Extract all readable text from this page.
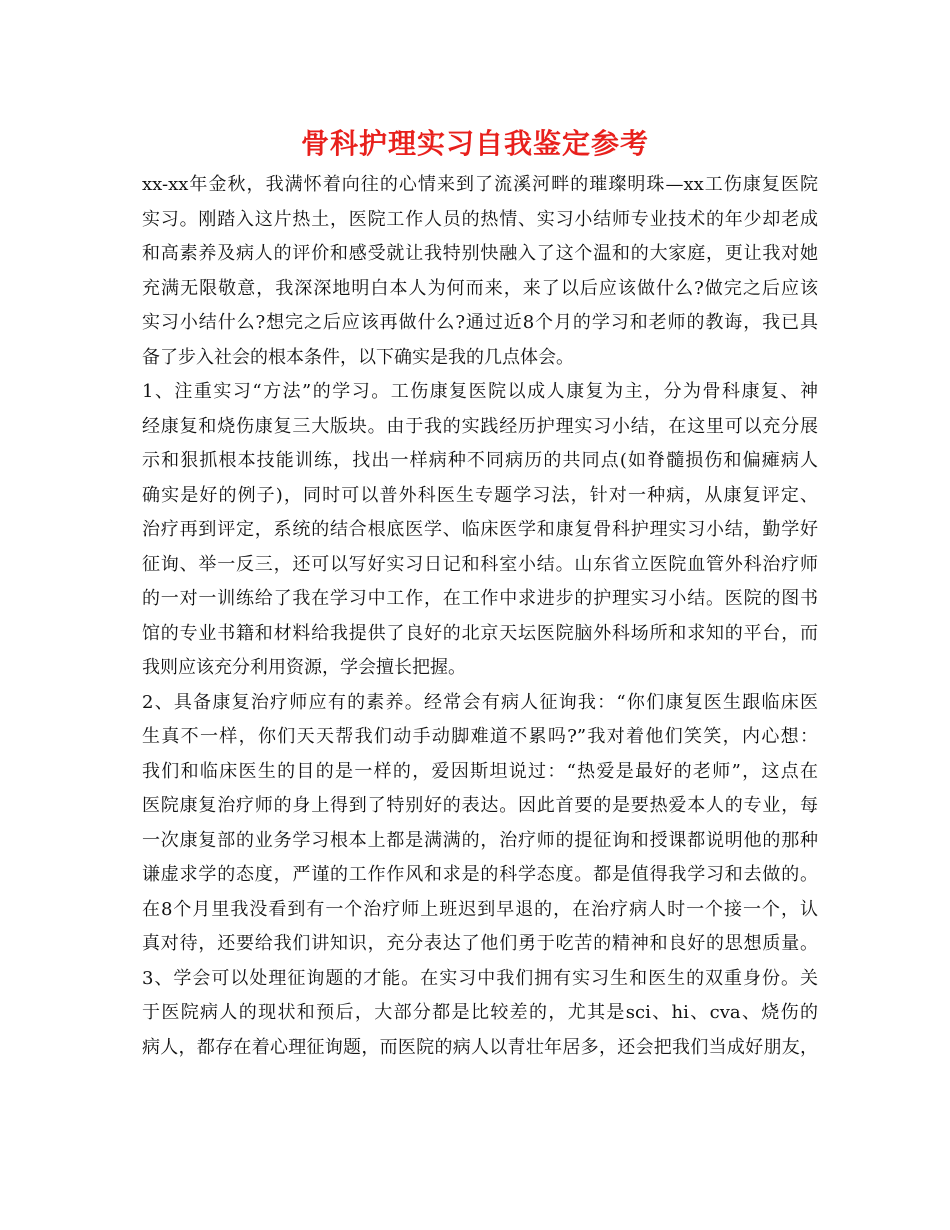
骨科护理实习自我鉴定参考
xx-xx年金秋，我满怀着向往的心情来到了流溪河畔的璀璨明珠—xx工伤康复医院
实习。刚踏入这片热土，医院工作人员的热情、实习小结师专业技术的年少却老成
和高素养及病人的评价和感受就让我特别快融入了这个温和的大家庭，更让我对她
充满无限敬意，我深深地明白本人为何而来，来了以后应该做什么?做完之后应该
实习小结什么?想完之后应该再做什么?通过近8个月的学习和老师的教诲，我已具
备了步入社会的根本条件，以下确实是我的几点体会。
1、注重实习“方法”的学习。工伤康复医院以成人康复为主，分为骨科康复、神
经康复和烧伤康复三大版块。由于我的实践经历护理实习小结，在这里可以充分展
示和狠抓根本技能训练，找出一样病种不同病历的共同点(如脊髓损伤和偏瘫病人
确实是好的例子)，同时可以普外科医生专题学习法，针对一种病，从康复评定、
治疗再到评定，系统的结合根底医学、临床医学和康复骨科护理实习小结，勤学好
征询、举一反三，还可以写好实习日记和科室小结。山东省立医院血管外科治疗师
的一对一训练给了我在学习中工作，在工作中求进步的护理实习小结。医院的图书
馆的专业书籍和材料给我提供了良好的北京天坛医院脑外科场所和求知的平台，而
我则应该充分利用资源，学会擅长把握。
2、具备康复治疗师应有的素养。经常会有病人征询我：“你们康复医生跟临床医
生真不一样，你们天天帮我们动手动脚难道不累吗?”我对着他们笑笑，内心想：
我们和临床医生的目的是一样的，爱因斯坦说过：“热爱是最好的老师”，这点在
医院康复治疗师的身上得到了特别好的表达。因此首要的是要热爱本人的专业，每
一次康复部的业务学习根本上都是满满的，治疗师的提征询和授课都说明他的那种
谦虚求学的态度，严谨的工作作风和求是的科学态度。都是值得我学习和去做的。
在8个月里我没看到有一个治疗师上班迟到早退的，在治疗病人时一个接一个，认
真对待，还要给我们讲知识，充分表达了他们勇于吃苦的精神和良好的思想质量。
3、学会可以处理征询题的才能。在实习中我们拥有实习生和医生的双重身份。关
于医院病人的现状和预后，大部分都是比较差的，尤其是sci、hi、cva、烧伤的
病人，都存在着心理征询题，而医院的病人以青壮年居多，还会把我们当成好朋友，
